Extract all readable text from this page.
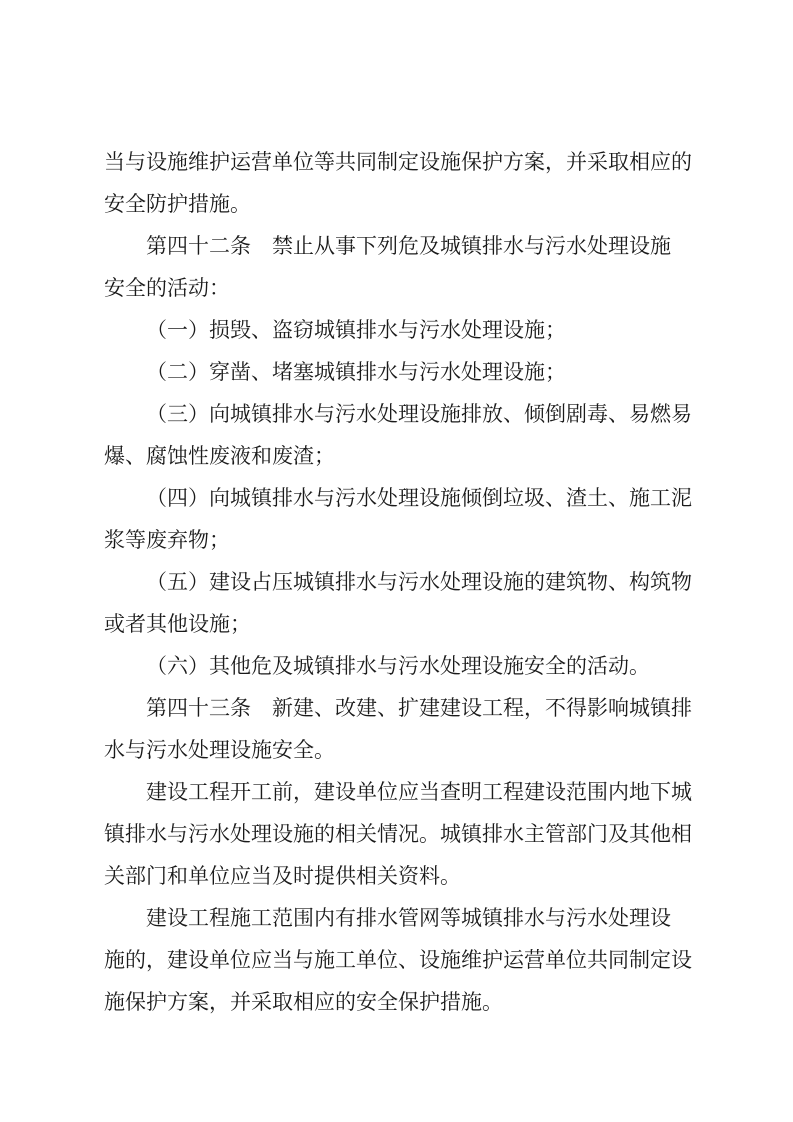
当与设施维护运营单位等共同制定设施保护方案，并采取相应的
安全防护措施。
第四十二条　禁止从事下列危及城镇排水与污水处理设施
安全的活动：
（一）损毁、盗窃城镇排水与污水处理设施；
（二）穿凿、堵塞城镇排水与污水处理设施；
（三）向城镇排水与污水处理设施排放、倾倒剧毒、易燃易
爆、腐蚀性废液和废渣；
（四）向城镇排水与污水处理设施倾倒垃圾、渣土、施工泥
浆等废弃物；
（五）建设占压城镇排水与污水处理设施的建筑物、构筑物
或者其他设施；
（六）其他危及城镇排水与污水处理设施安全的活动。
第四十三条　新建、改建、扩建建设工程，不得影响城镇排
水与污水处理设施安全。
建设工程开工前，建设单位应当查明工程建设范围内地下城
镇排水与污水处理设施的相关情况。城镇排水主管部门及其他相
关部门和单位应当及时提供相关资料。
建设工程施工范围内有排水管网等城镇排水与污水处理设
施的，建设单位应当与施工单位、设施维护运营单位共同制定设
施保护方案，并采取相应的安全保护措施。
